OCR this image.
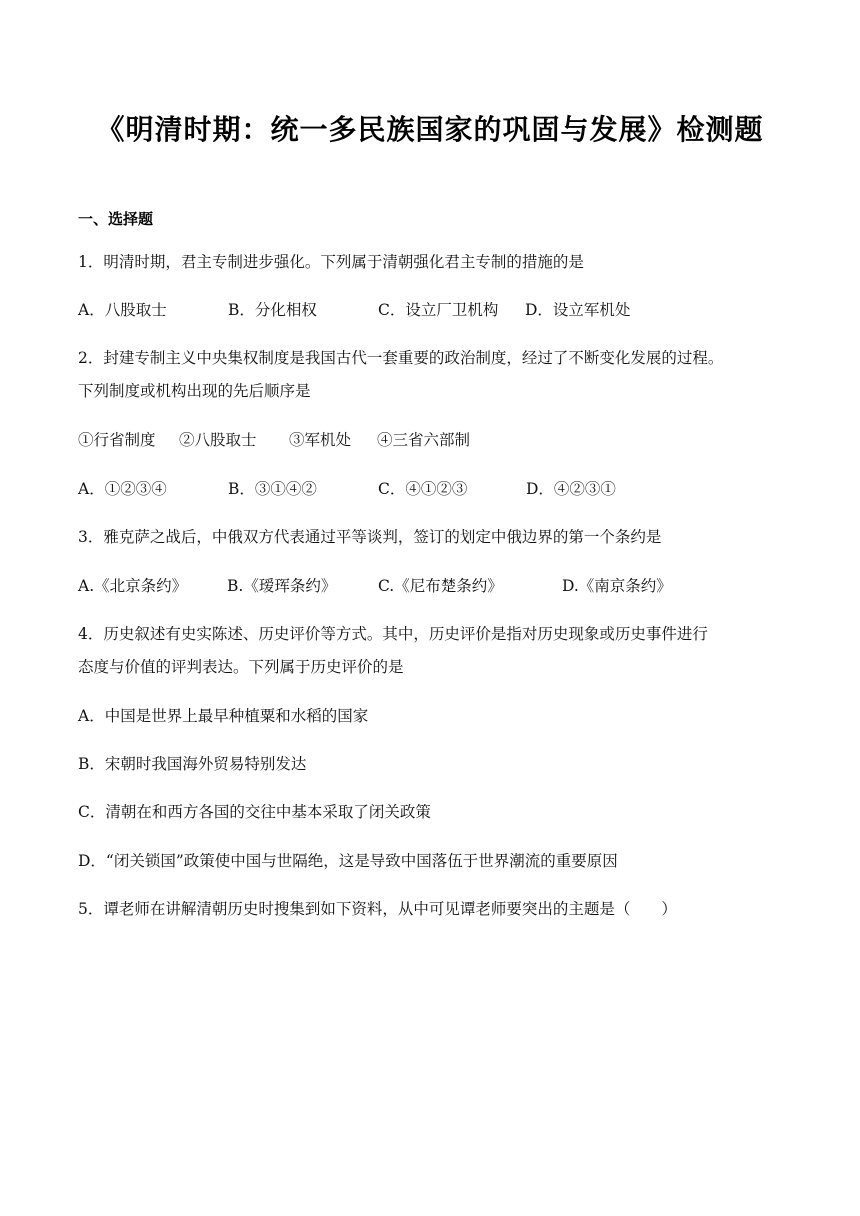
《明清时期：统一多民族国家的巩固与发展》检测题
一、选择题
1．明清时期，君主专制进步强化。下列属于清朝强化君主专制的措施的是
A．八股取士	B．分化相权	C．设立厂卫机构 D．设立军机处
2．封建专制主义中央集权制度是我国古代一套重要的政治制度，经过了不断变化发展的过程。
下列制度或机构出现的先后顺序是
①行省制度 ②八股取士 ③军机处 ④三省六部制
A．①②③④	B．③①④②	C．④①②③	D．④②③①
3．雅克萨之战后，中俄双方代表通过平等谈判，签订的划定中俄边界的第一个条约是
A.《北京条约》	B.《瑷珲条约》	C.《尼布楚条约》	D.《南京条约》
4．历史叙述有史实陈述、历史评价等方式。其中，历史评价是指对历史现象或历史事件进行
态度与价值的评判表达。下列属于历史评价的是
A．中国是世界上最早种植粟和水稻的国家
B．宋朝时我国海外贸易特别发达
C．清朝在和西方各国的交往中基本采取了闭关政策
D．“闭关锁国”政策使中国与世隔绝，这是导致中国落伍于世界潮流的重要原因
5．谭老师在讲解清朝历史时搜集到如下资料，从中可见谭老师要突出的主题是（　　）
